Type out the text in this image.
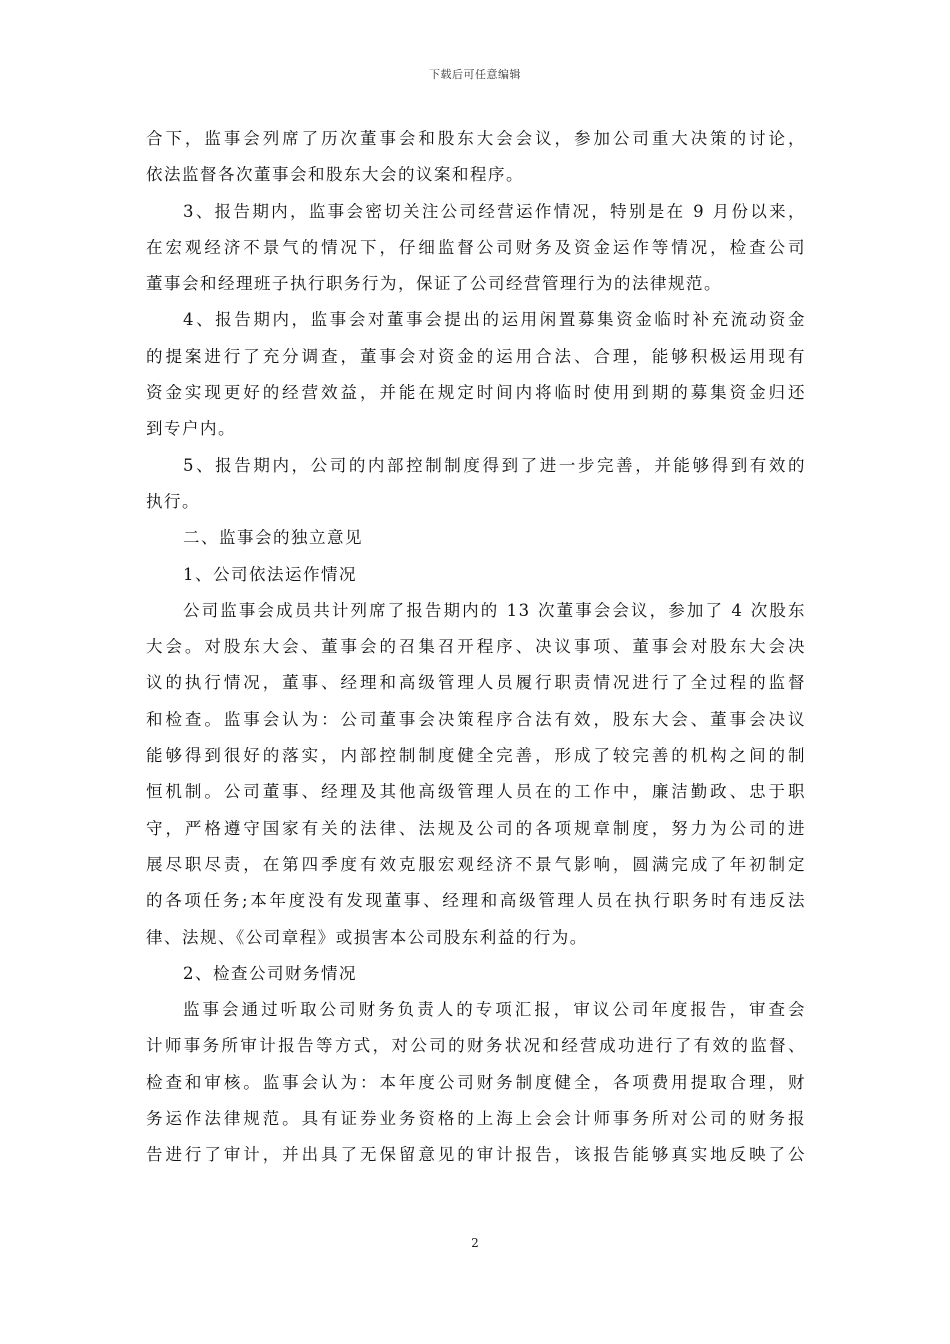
下载后可任意编辑
合下，监事会列席了历次董事会和股东大会会议，参加公司重大决策的讨论，
依法监督各次董事会和股东大会的议案和程序。
3、报告期内，监事会密切关注公司经营运作情况，特别是在 9 月份以来，
在宏观经济不景气的情况下，仔细监督公司财务及资金运作等情况，检查公司
董事会和经理班子执行职务行为，保证了公司经营管理行为的法律规范。
4、报告期内，监事会对董事会提出的运用闲置募集资金临时补充流动资金
的提案进行了充分调查，董事会对资金的运用合法、合理，能够积极运用现有
资金实现更好的经营效益，并能在规定时间内将临时使用到期的募集资金归还
到专户内。
5、报告期内，公司的内部控制制度得到了进一步完善，并能够得到有效的
执行。
二、监事会的独立意见
1、公司依法运作情况
公司监事会成员共计列席了报告期内的 13 次董事会会议，参加了 4 次股东
大会。对股东大会、董事会的召集召开程序、决议事项、董事会对股东大会决
议的执行情况，董事、经理和高级管理人员履行职责情况进行了全过程的监督
和检查。监事会认为：公司董事会决策程序合法有效，股东大会、董事会决议
能够得到很好的落实，内部控制制度健全完善，形成了较完善的机构之间的制
恒机制。公司董事、经理及其他高级管理人员在的工作中，廉洁勤政、忠于职
守，严格遵守国家有关的法律、法规及公司的各项规章制度，努力为公司的进
展尽职尽责，在第四季度有效克服宏观经济不景气影响，圆满完成了年初制定
的各项任务;本年度没有发现董事、经理和高级管理人员在执行职务时有违反法
律、法规、《公司章程》或损害本公司股东利益的行为。
2、检查公司财务情况
监事会通过听取公司财务负责人的专项汇报，审议公司年度报告，审查会
计师事务所审计报告等方式，对公司的财务状况和经营成功进行了有效的监督、
检查和审核。监事会认为：本年度公司财务制度健全，各项费用提取合理，财
务运作法律规范。具有证券业务资格的上海上会会计师事务所对公司的财务报
告进行了审计，并出具了无保留意见的审计报告，该报告能够真实地反映了公
2
